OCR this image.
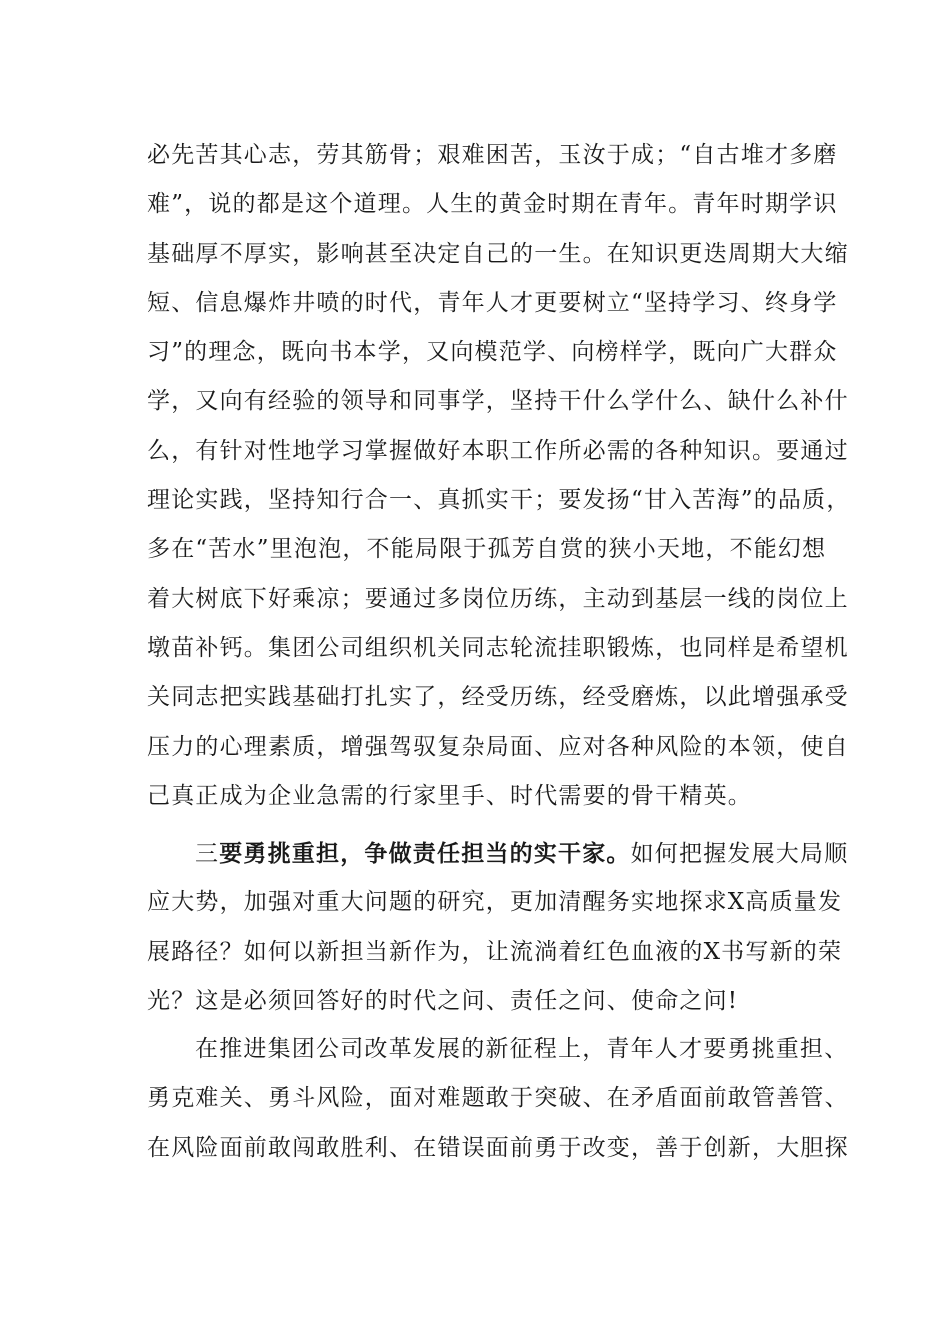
必先苦其心志，劳其筋骨；艰难困苦，玉汝于成；“自古堆才多磨
难”，说的都是这个道理。人生的黄金时期在青年。青年时期学识
基础厚不厚实，影响甚至决定自己的一生。在知识更迭周期大大缩
短、信息爆炸井喷的时代，青年人才更要树立“坚持学习、终身学
习”的理念，既向书本学，又向模范学、向榜样学，既向广大群众
学，又向有经验的领导和同事学，坚持干什么学什么、缺什么补什
么，有针对性地学习掌握做好本职工作所必需的各种知识。要通过
理论实践，坚持知行合一、真抓实干；要发扬“甘入苦海”的品质，
多在“苦水”里泡泡，不能局限于孤芳自赏的狭小天地，不能幻想
着大树底下好乘凉；要通过多岗位历练，主动到基层一线的岗位上
墩苗补钙。集团公司组织机关同志轮流挂职锻炼，也同样是希望机
关同志把实践基础打扎实了，经受历练，经受磨炼，以此增强承受
压力的心理素质，增强驾驭复杂局面、应对各种风险的本领，使自
己真正成为企业急需的行家里手、时代需要的骨干精英。
三要勇挑重担，争做责任担当的实干家。如何把握发展大局顺
应大势，加强对重大问题的研究，更加清醒务实地探求X高质量发
展路径？如何以新担当新作为，让流淌着红色血液的X书写新的荣
光？这是必须回答好的时代之问、责任之问、使命之问!
在推进集团公司改革发展的新征程上，青年人才要勇挑重担、
勇克难关、勇斗风险，面对难题敢于突破、在矛盾面前敢管善管、
在风险面前敢闯敢胜利、在错误面前勇于改变，善于创新，大胆探
